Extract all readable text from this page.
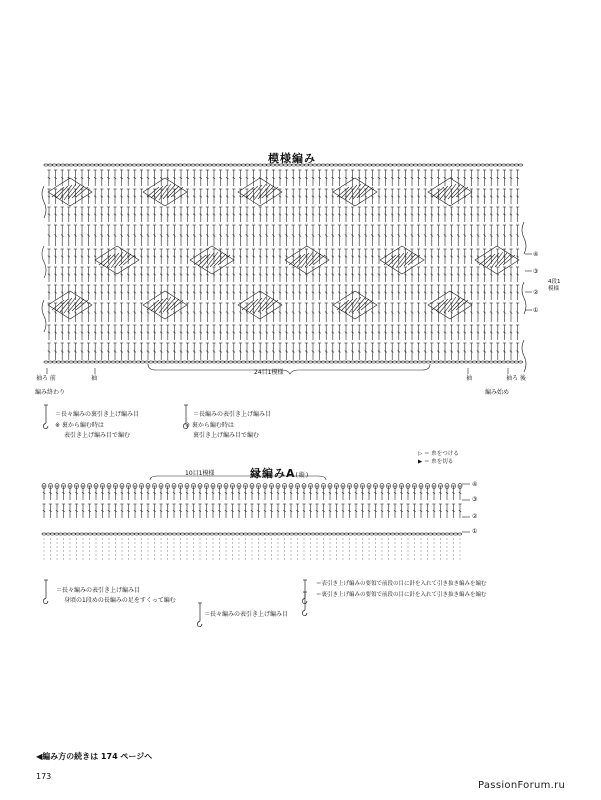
模様編み
縁編みA(縦)
④
③
②
①
4段1模様
24目1模様
袖ろ 前
編み終わり
袖	袖	袖ろ 後
編み始め
＝長々編みの裏引き上げ編み目
※ 裏から編む時は
表引き上げ編み目で編む
＝長編みの表引き上げ編み目
※ 裏から編む時は
裏引き上げ編み目で編む
▷ ＝ 糸をつける
▶ ＝ 糸を切る
10目1模様
④
③
②
①
＝長々編みの表引き上げ編み目
身頃の1段めの長編みの足をすくって編む
＝長々編みの表引き上げ編み目
＝表引き上げ編みの要領で前段の目に針を入れて引き抜き編みを編む
＝裏引き上げ編みの要領で前段の目に針を入れて引き抜き編みを編む
◀編み方の続きは 174 ページへ
173
PassionForum.ru
